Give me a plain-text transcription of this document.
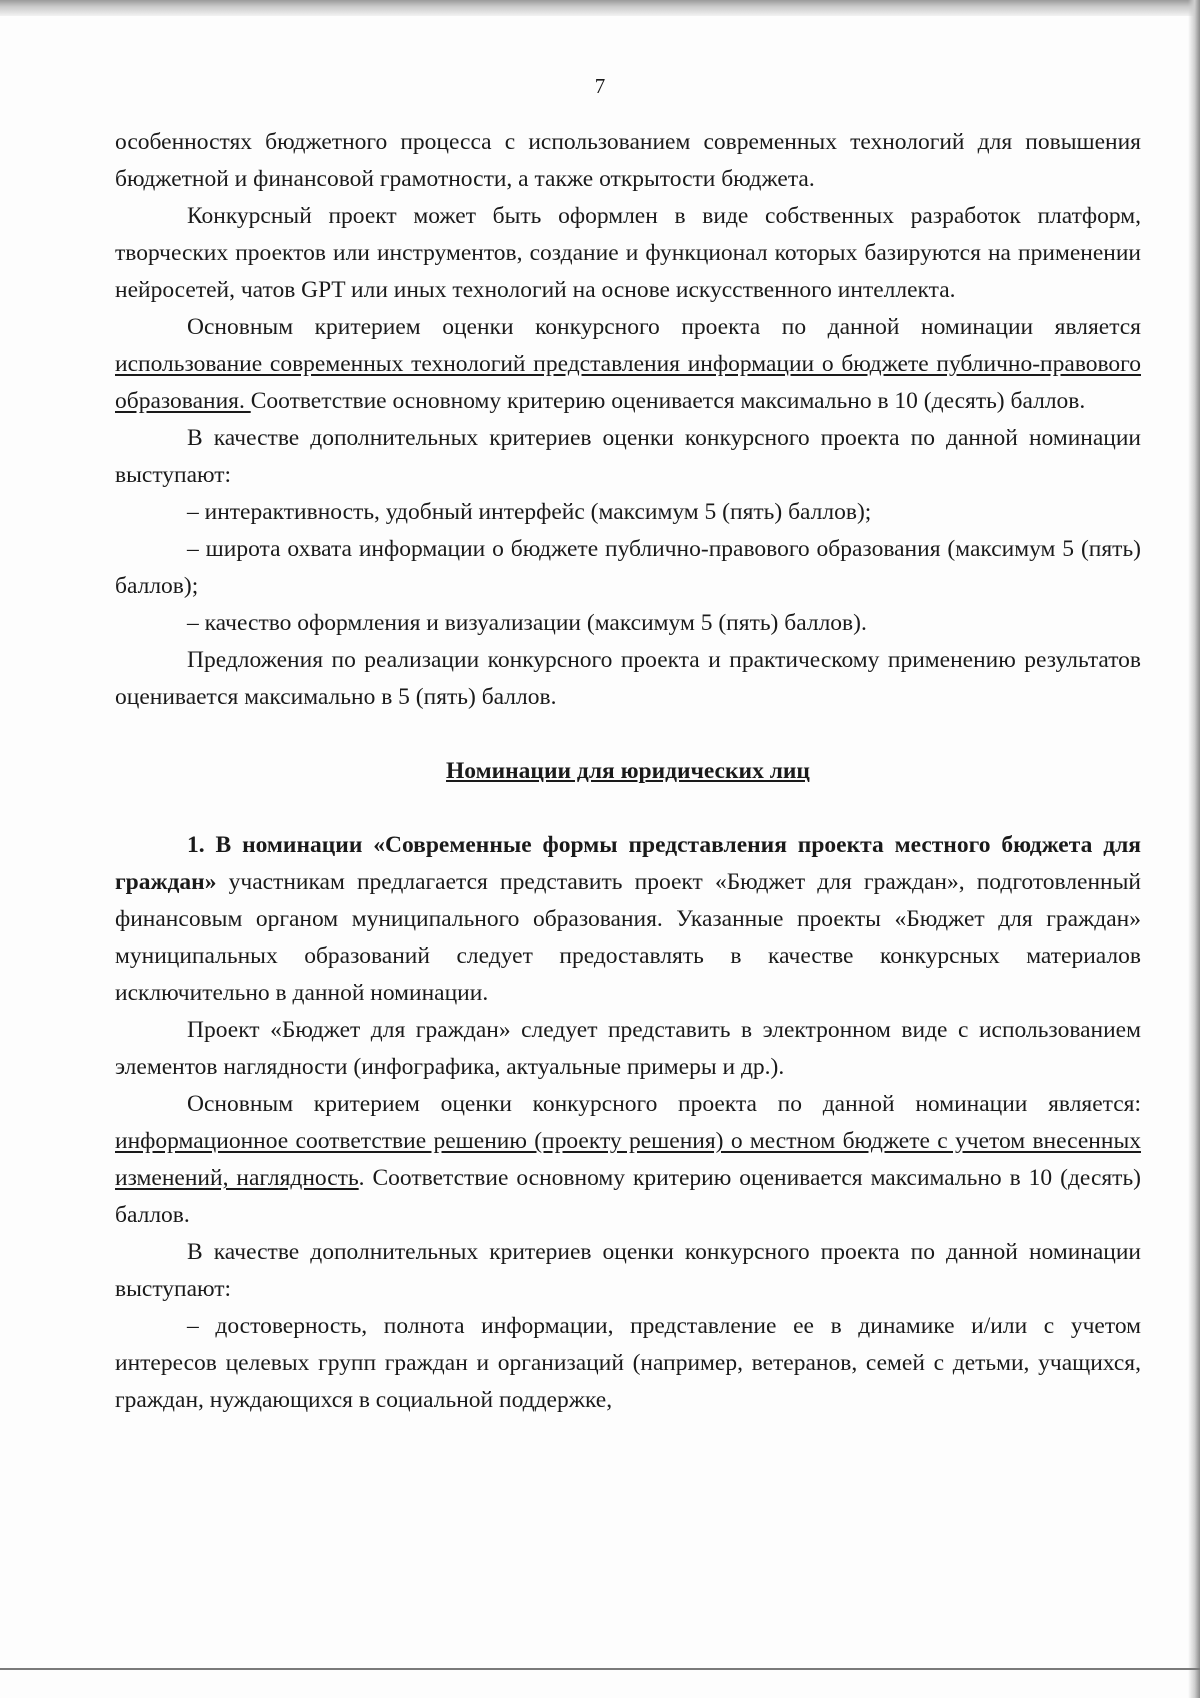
7

особенностях бюджетного процесса с использованием современных технологий для повышения бюджетной и финансовой грамотности, а также открытости бюджета.

Конкурсный проект может быть оформлен в виде собственных разработок платформ, творческих проектов или инструментов, создание и функционал которых базируются на применении нейросетей, чатов GPT или иных технологий на основе искусственного интеллекта.

Основным критерием оценки конкурсного проекта по данной номинации является использование современных технологий представления информации о бюджете публично-правового образования. Соответствие основному критерию оценивается максимально в 10 (десять) баллов.

В качестве дополнительных критериев оценки конкурсного проекта по данной номинации выступают:

– интерактивность, удобный интерфейс (максимум 5 (пять) баллов);

– широта охвата информации о бюджете публично-правового образования (максимум 5 (пять) баллов);

– качество оформления и визуализации (максимум 5 (пять) баллов).

Предложения по реализации конкурсного проекта и практическому применению результатов оценивается максимально в 5 (пять) баллов.

Номинации для юридических лиц

1. В номинации «Современные формы представления проекта местного бюджета для граждан» участникам предлагается представить проект «Бюджет для граждан», подготовленный финансовым органом муниципального образования. Указанные проекты «Бюджет для граждан» муниципальных образований следует предоставлять в качестве конкурсных материалов исключительно в данной номинации.

Проект «Бюджет для граждан» следует представить в электронном виде с использованием элементов наглядности (инфографика, актуальные примеры и др.).

Основным критерием оценки конкурсного проекта по данной номинации является: информационное соответствие решению (проекту решения) о местном бюджете с учетом внесенных изменений, наглядность. Соответствие основному критерию оценивается максимально в 10 (десять) баллов.

В качестве дополнительных критериев оценки конкурсного проекта по данной номинации выступают:

– достоверность, полнота информации, представление ее в динамике и/или с учетом интересов целевых групп граждан и организаций (например, ветеранов, семей с детьми, учащихся, граждан, нуждающихся в социальной поддержке,
